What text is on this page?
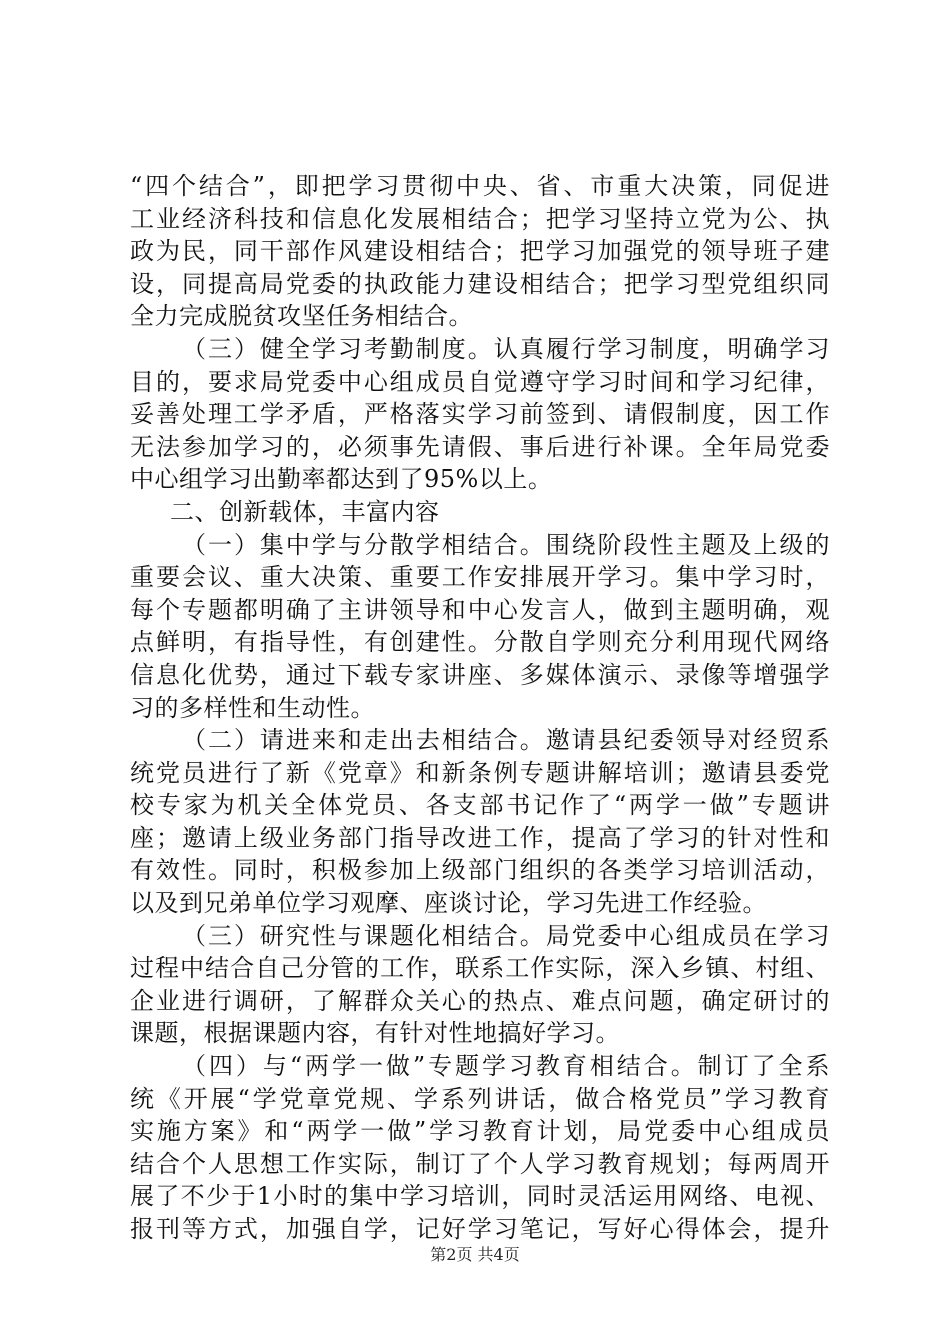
“四个结合”，即把学习贯彻中央、省、市重大决策，同促进
工业经济科技和信息化发展相结合；把学习坚持立党为公、执
政为民，同干部作风建设相结合；把学习加强党的领导班子建
设，同提高局党委的执政能力建设相结合；把学习型党组织同
全力完成脱贫攻坚任务相结合。
（三）健全学习考勤制度。认真履行学习制度，明确学习
目的，要求局党委中心组成员自觉遵守学习时间和学习纪律，
妥善处理工学矛盾，严格落实学习前签到、请假制度，因工作
无法参加学习的，必须事先请假、事后进行补课。全年局党委
中心组学习出勤率都达到了95%以上。
二、创新载体，丰富内容
（一）集中学与分散学相结合。围绕阶段性主题及上级的
重要会议、重大决策、重要工作安排展开学习。集中学习时，
每个专题都明确了主讲领导和中心发言人，做到主题明确，观
点鲜明，有指导性，有创建性。分散自学则充分利用现代网络
信息化优势，通过下载专家讲座、多媒体演示、录像等增强学
习的多样性和生动性。
（二）请进来和走出去相结合。邀请县纪委领导对经贸系
统党员进行了新《党章》和新条例专题讲解培训；邀请县委党
校专家为机关全体党员、各支部书记作了“两学一做”专题讲
座；邀请上级业务部门指导改进工作，提高了学习的针对性和
有效性。同时，积极参加上级部门组织的各类学习培训活动，
以及到兄弟单位学习观摩、座谈讨论，学习先进工作经验。
（三）研究性与课题化相结合。局党委中心组成员在学习
过程中结合自己分管的工作，联系工作实际，深入乡镇、村组、
企业进行调研，了解群众关心的热点、难点问题，确定研讨的
课题，根据课题内容，有针对性地搞好学习。
（四）与“两学一做”专题学习教育相结合。制订了全系
统《开展“学党章党规、学系列讲话，做合格党员”学习教育
实施方案》和“两学一做”学习教育计划，局党委中心组成员
结合个人思想工作实际，制订了个人学习教育规划；每两周开
展了不少于1小时的集中学习培训，同时灵活运用网络、电视、
报刊等方式，加强自学，记好学习笔记，写好心得体会，提升
第2页 共4页
